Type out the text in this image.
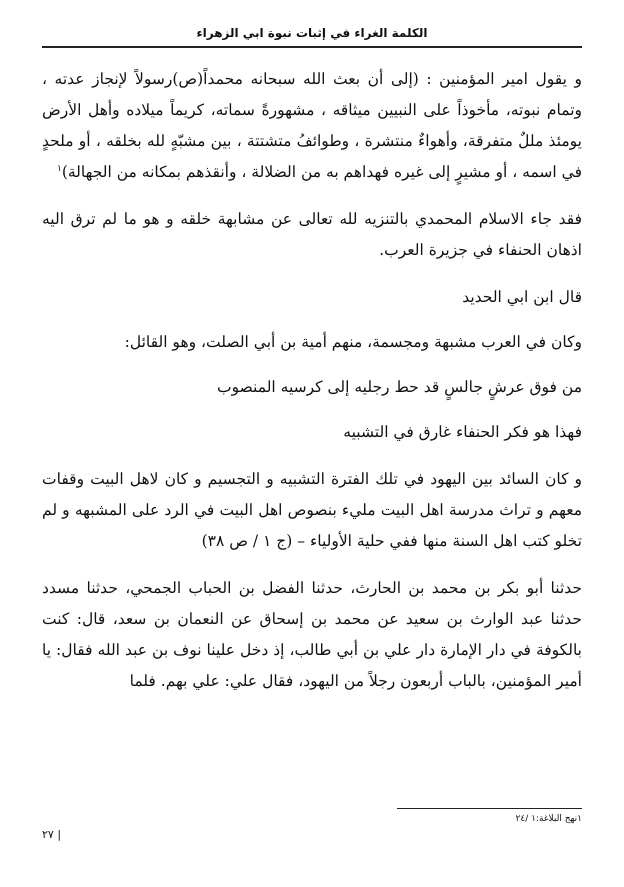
الكلمة الغراء في إثبات نبوة ابي الزهراء

و يقول امير المؤمنين : (إلى أن بعث الله سبحانه محمداً(ص)رسولاً لإنجاز عدته ، وتمام نبوته، مأخوذاً على النبيين ميثاقه ، مشهورةً سماته، كريماً ميلاده وأهل الأرض يومئذ مللٌ متفرقة، وأهواءٌ منتشرة ، وطوائفُ متشتتة ، بين مشبّهٍ لله بخلقه ، أو ملحدٍ في اسمه ، أو مشيرٍ إلى غيره فهداهم به من الضلالة ، وأنقذهم بمكانه من الجهالة)$^١$

فقد جاء الاسلام المحمدي بالتنزيه لله تعالى عن مشابهة خلقه و هو ما لم ترق اليه اذهان الحنفاء في جزيرة العرب.

قال ابن ابي الحديد

وكان في العرب مشبهة ومجسمة، منهم أمية بن أبي الصلت، وهو القائل:

من فوق عرشٍ جالسٍ قد حط رجليه إلى كرسيه المنصوب

فهذا هو فكر الحنفاء غارق في التشبيه

و كان السائد بين اليهود في تلك الفترة التشبيه و التجسيم و كان لاهل البيت وقفات معهم و تراث مدرسة اهل البيت مليء بنصوص اهل البيت في الرد على المشبهه و لم تخلو كتب اهل السنة منها ففي حلية الأولياء – (ج ١ / ص ٣٨)

حدثنا أبو بكر بن محمد بن الحارث، حدثنا الفضل بن الحباب الجمحي، حدثنا مسدد حدثنا عبد الوارث بن سعيد عن محمد بن إسحاق عن النعمان بن سعد، قال: كنت بالكوفة في دار الإمارة دار علي بن أبي طالب، إذ دخل علينا نوف بن عبد الله فقال: يا أمير المؤمنين، بالباب أربعون رجلاً من اليهود، فقال علي: علي بهم. فلما

١نهج البلاغة:١ /٢٤
٢٧ |
